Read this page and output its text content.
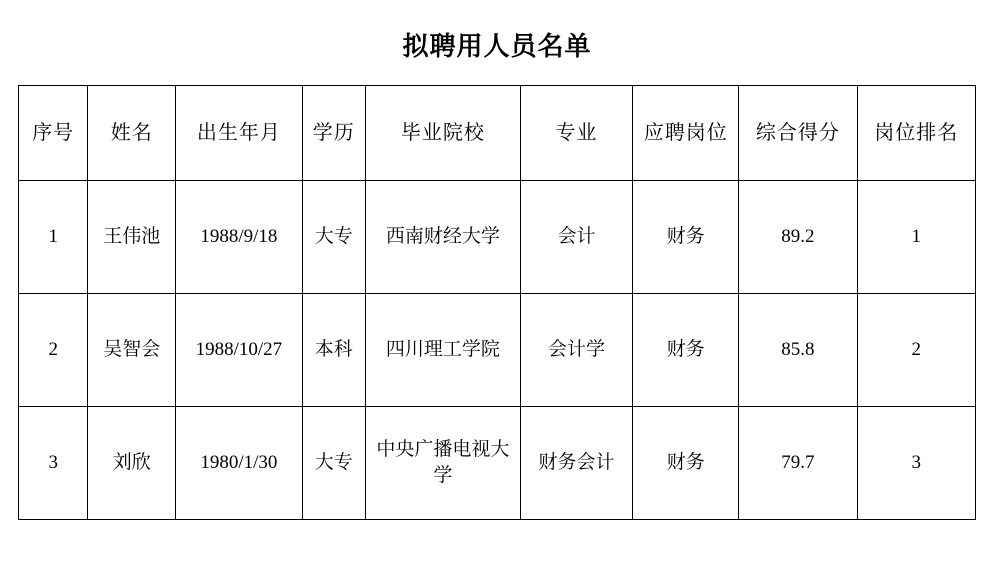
拟聘用人员名单
序号	姓名	出生年月	学历	毕业院校	专业	应聘岗位	综合得分	岗位排名
1	王伟池	1988/9/18	大专	西南财经大学	会计	财务	89.2	1
2	吴智会	1988/10/27	本科	四川理工学院	会计学	财务	85.8	2
3	刘欣	1980/1/30	大专	中央广播电视大学	财务会计	财务	79.7	3
